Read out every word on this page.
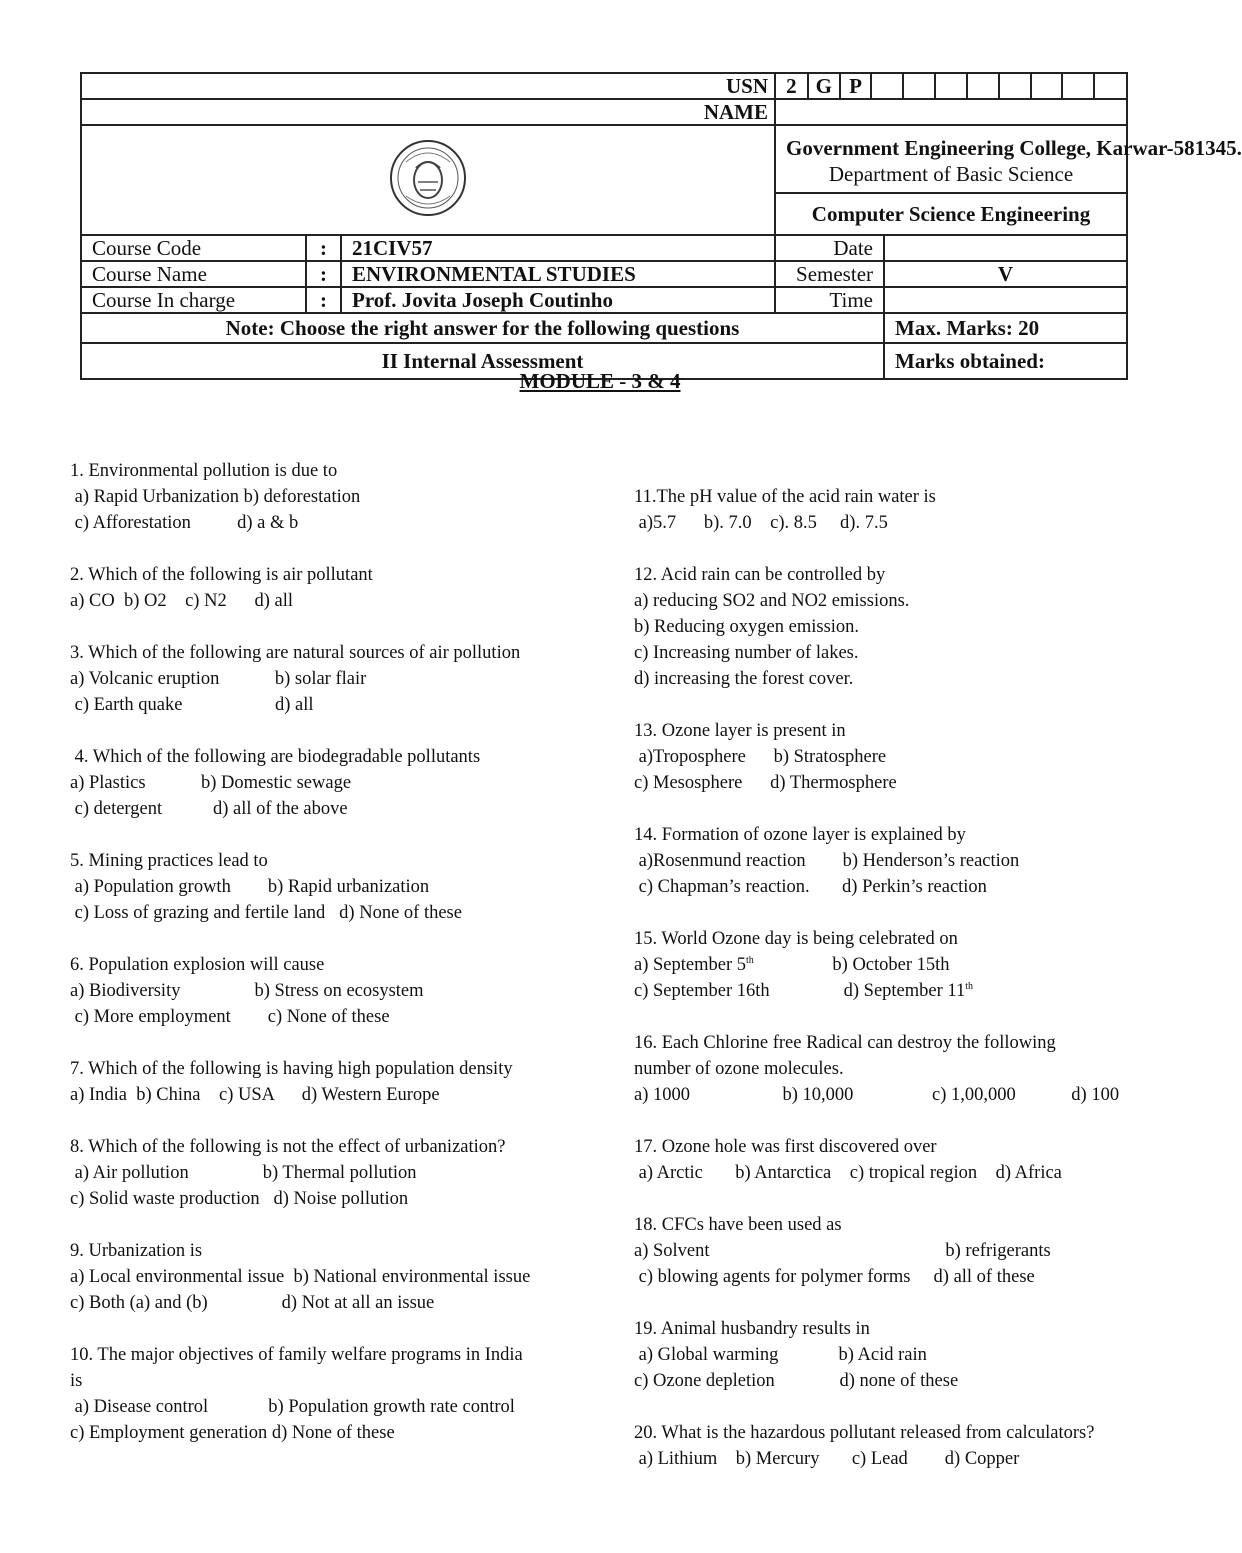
USN	2	G	P								

NAME	

Government Engineering College, Karwar-581345.
Department of Basic Science

Computer Science Engineering
Course Code	:	21CIV57	Date	
Course Name	:	ENVIRONMENTAL STUDIES	Semester	V
Course In charge	:	Prof. Jovita Joseph Coutinho	Time	
Note: Choose the right answer for the following questions	Max. Marks: 20
II Internal Assessment	Marks obtained:
MODULE - 3 & 4

1. Environmental pollution is due to

a) Rapid Urbanization b) deforestation

c) Afforestation          d) a & b

2. Which of the following is air pollutant

a) CO  b) O2    c) N2      d) all

3. Which of the following are natural sources of air pollution

a) Volcanic eruption            b) solar flair

c) Earth quake                    d) all

4. Which of the following are biodegradable pollutants

a) Plastics            b) Domestic sewage

c) detergent           d) all of the above

5. Mining practices lead to

a) Population growth        b) Rapid urbanization

c) Loss of grazing and fertile land   d) None of these

6. Population explosion will cause

a) Biodiversity                b) Stress on ecosystem

c) More employment        c) None of these

7. Which of the following is having high population density

a) India  b) China    c) USA      d) Western Europe

8. Which of the following is not the effect of urbanization?

a) Air pollution                b) Thermal pollution

c) Solid waste production   d) Noise pollution

9. Urbanization is

a) Local environmental issue  b) National environmental issue

c) Both (a) and (b)                d) Not at all an issue

10. The major objectives of family welfare programs in India

is

a) Disease control             b) Population growth rate control

c) Employment generation d) None of these

11.The pH value of the acid rain water is

a)5.7      b). 7.0    c). 8.5     d). 7.5

12. Acid rain can be controlled by

a) reducing SO2 and NO2 emissions.

b) Reducing oxygen emission.

c) Increasing number of lakes.

d) increasing the forest cover.

13. Ozone layer is present in

a)Troposphere      b) Stratosphere

c) Mesosphere      d) Thermosphere

14. Formation of ozone layer is explained by

a)Rosenmund reaction        b) Henderson’s reaction

c) Chapman’s reaction.       d) Perkin’s reaction

15. World Ozone day is being celebrated on

a) September 5th                 b) October 15th

c) September 16th                d) September 11th

16. Each Chlorine free Radical can destroy the following

number of ozone molecules.

a) 1000                    b) 10,000                 c) 1,00,000            d) 100

17. Ozone hole was first discovered over

a) Arctic       b) Antarctica    c) tropical region    d) Africa

18. CFCs have been used as

a) Solvent                                                   b) refrigerants

c) blowing agents for polymer forms     d) all of these

19. Animal husbandry results in

a) Global warming             b) Acid rain

c) Ozone depletion              d) none of these

20. What is the hazardous pollutant released from calculators?

a) Lithium    b) Mercury       c) Lead        d) Copper
